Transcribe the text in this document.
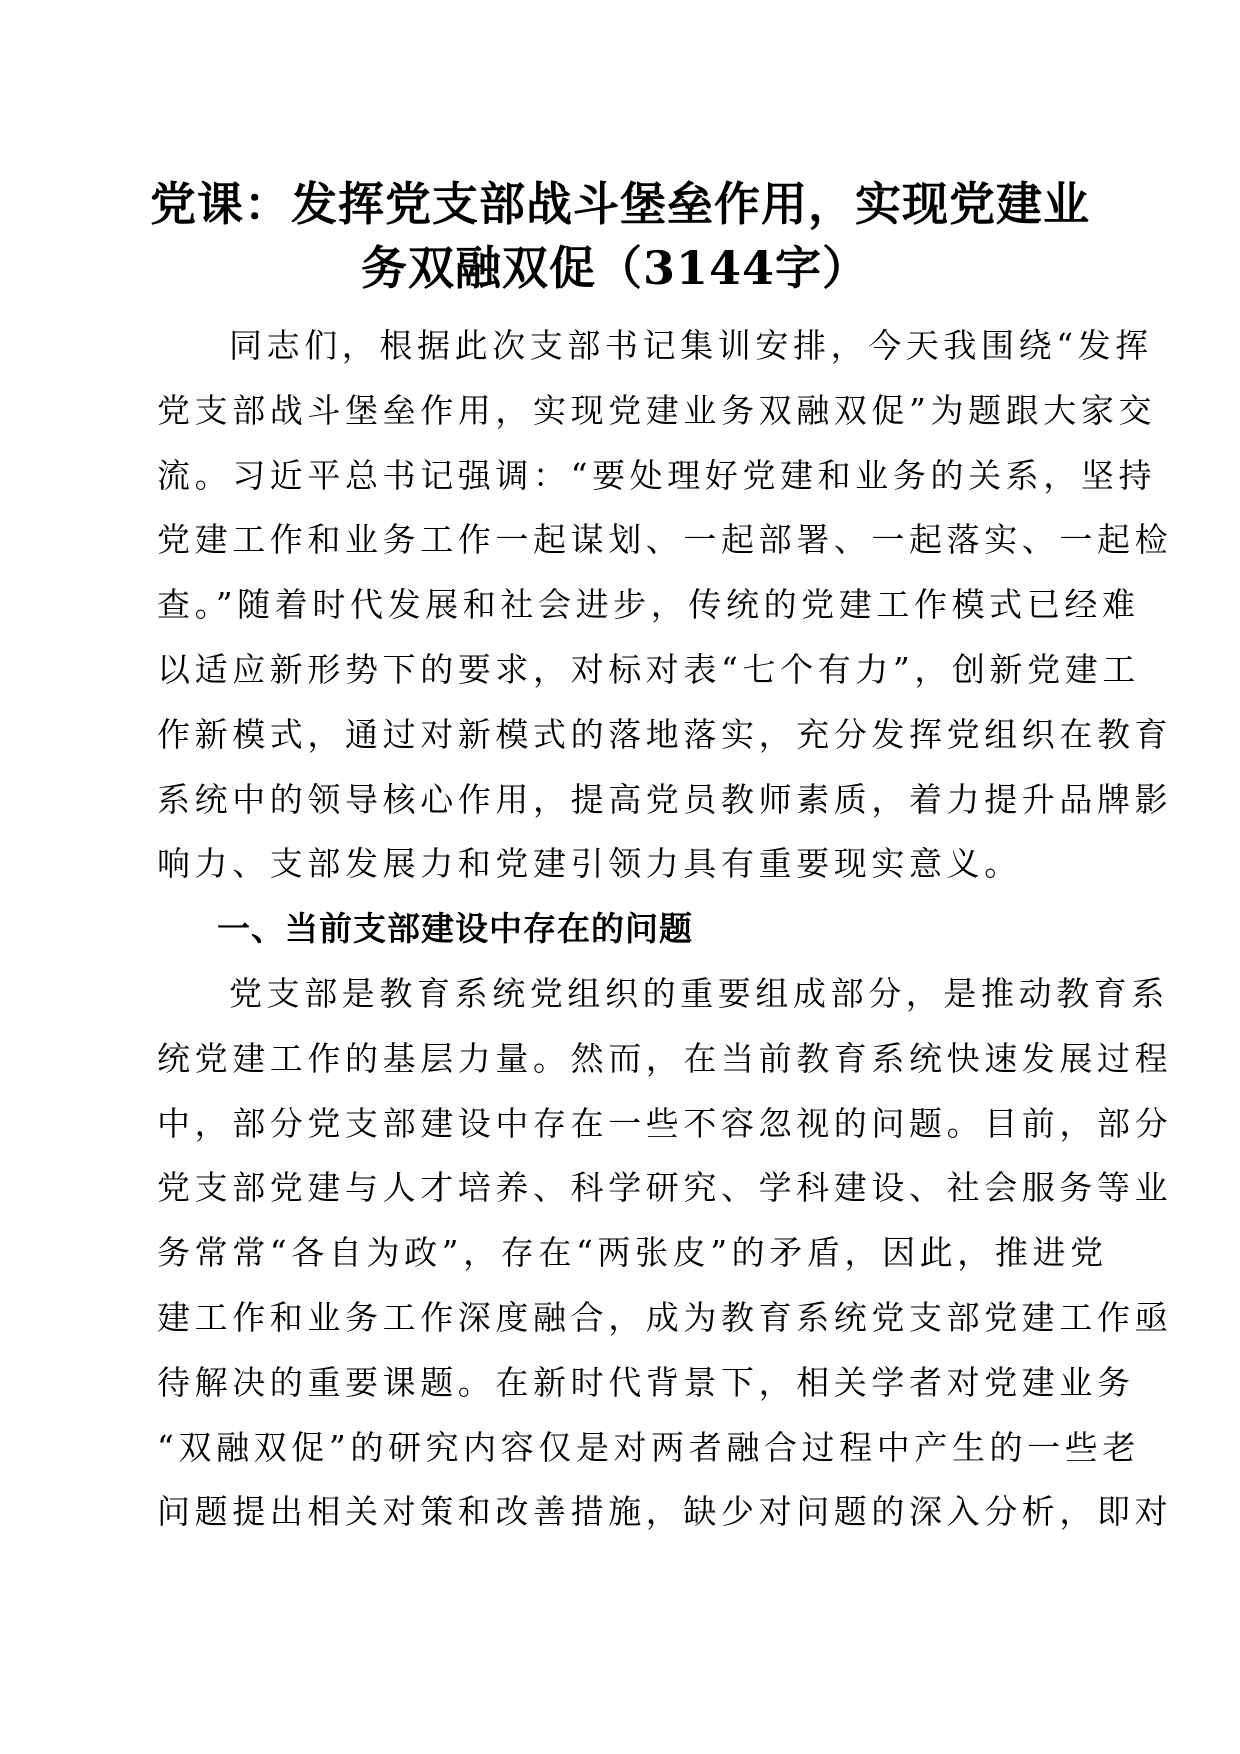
党课：发挥党支部战斗堡垒作用，实现党建业
务双融双促（3144字）
同志们，根据此次支部书记集训安排，今天我围绕“发挥
党支部战斗堡垒作用，实现党建业务双融双促”为题跟大家交
流。习近平总书记强调：“要处理好党建和业务的关系，坚持
党建工作和业务工作一起谋划、一起部署、一起落实、一起检
查。”随着时代发展和社会进步，传统的党建工作模式已经难
以适应新形势下的要求，对标对表“七个有力”，创新党建工
作新模式，通过对新模式的落地落实，充分发挥党组织在教育
系统中的领导核心作用，提高党员教师素质，着力提升品牌影
响力、支部发展力和党建引领力具有重要现实意义。
一、当前支部建设中存在的问题
党支部是教育系统党组织的重要组成部分，是推动教育系
统党建工作的基层力量。然而，在当前教育系统快速发展过程
中，部分党支部建设中存在一些不容忽视的问题。目前，部分
党支部党建与人才培养、科学研究、学科建设、社会服务等业
务常常“各自为政”，存在“两张皮”的矛盾，因此，推进党
建工作和业务工作深度融合，成为教育系统党支部党建工作亟
待解决的重要课题。在新时代背景下，相关学者对党建业务
“双融双促”的研究内容仅是对两者融合过程中产生的一些老
问题提出相关对策和改善措施，缺少对问题的深入分析，即对
